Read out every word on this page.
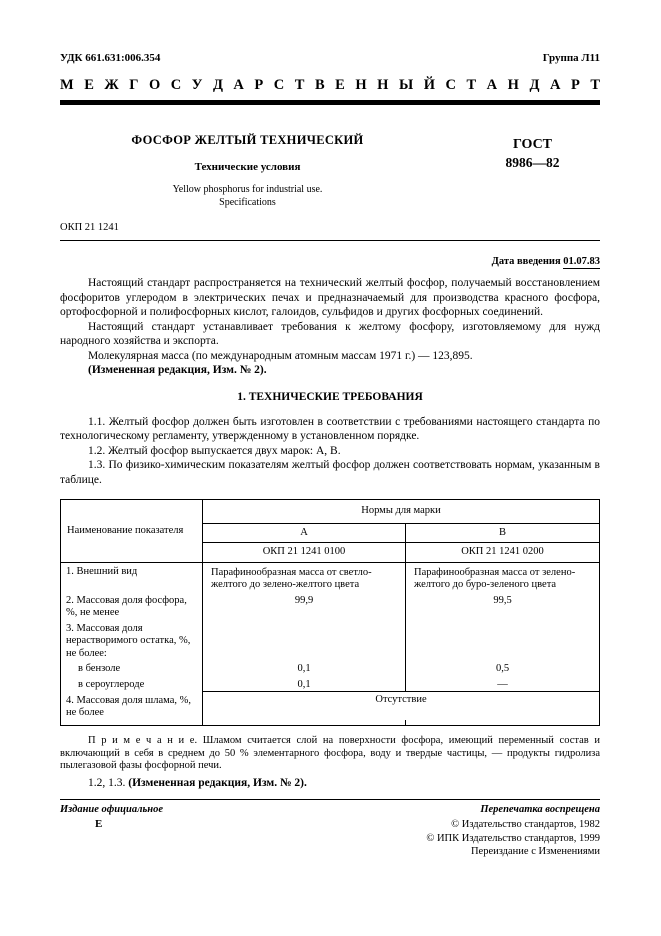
УДК 661.631:006.354	Группа Л11
М Е Ж Г О С У Д А Р С Т В Е Н Н Ы Й С Т А Н Д А Р Т
ФОСФОР ЖЕЛТЫЙ ТЕХНИЧЕСКИЙ
Технические условия
Yellow phosphorus for industrial use.
Specifications
ГОСТ
8986—82
ОКП 21 1241
Дата введения 01.07.83

Настоящий стандарт распространяется на технический желтый фосфор, получаемый восстановлением фосфоритов углеродом в электрических печах и предназначаемый для производства красного фосфора, ортофосфорной и полифосфорных кислот, галоидов, сульфидов и других фосфорных соединений.

Настоящий стандарт устанавливает требования к желтому фосфору, изготовляемому для нужд народного хозяйства и экспорта.

Молекулярная масса (по международным атомным массам 1971 г.) — 123,895.

(Измененная редакция, Изм. № 2).

1. ТЕХНИЧЕСКИЕ ТРЕБОВАНИЯ

1.1. Желтый фосфор должен быть изготовлен в соответствии с требованиями настоящего стандарта по технологическому регламенту, утвержденному в установленном порядке.

1.2. Желтый фосфор выпускается двух марок: А, В.

1.3. По физико-химическим показателям желтый фосфор должен соответствовать нормам, указанным в таблице.

Наименование показателя	Нормы для марки	
	А	В
	ОКП 21 1241 0100	ОКП 21 1241 0200
1. Внешний вид	Парафинообразная масса от светло-желтого до зелено-желтого цвета	Парафинообразная масса от зелено-желтого до буро-зеленого цвета
2. Массовая доля фосфора, %, не менее	99,9	99,5
3. Массовая доля нерастворимого остатка, %, не более:		
в бензоле	0,1	0,5
в сероуглероде	0,1	—
4. Массовая доля шлама, %, не более	Отсутствие	

П р и м е ч а н и е. Шламом считается слой на поверхности фосфора, имеющий переменный состав и включающий в себя в среднем до 50 % элементарного фосфора, воду и твердые частицы, — продукты гидролиза пылегазовой фазы фосфорной печи.

1.2, 1.3. (Измененная редакция, Изм. № 2).

Издание официальное	Перепечатка воспрещена
Е	© Издательство стандартов, 1982
© ИПК Издательство стандартов, 1999
Переиздание с Изменениями
